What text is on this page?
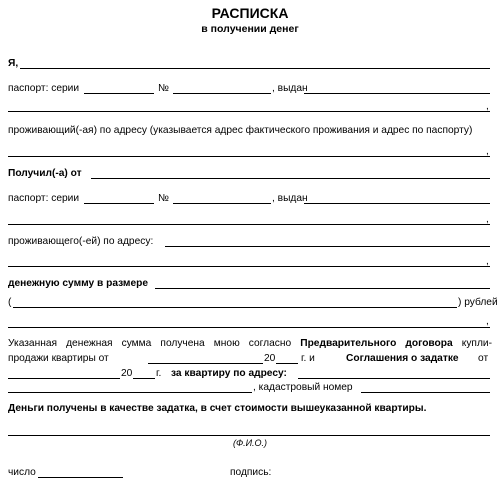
РАСПИСКА
в получении денег
Я,
паспорт: серии	№	, выдан
,
проживающий(-ая) по адресу (указывается адрес фактического проживания и адрес по паспорту)
,
Получил(-а) от
паспорт: серии	№	, выдан
,
проживающего(-ей) по адресу:
,
денежную сумму в размере
(	) рублей
,
Указанная денежная сумма получена мною согласно Предварительного договора купли-
продажи квартиры от	20	г. и	Соглашения о задатке от
20 г. за квартиру по адресу:
, кадастровый номер
Деньги получены в качестве задатка, в счет стоимости вышеуказанной квартиры.
(Ф.И.О.)
число	подпись:
